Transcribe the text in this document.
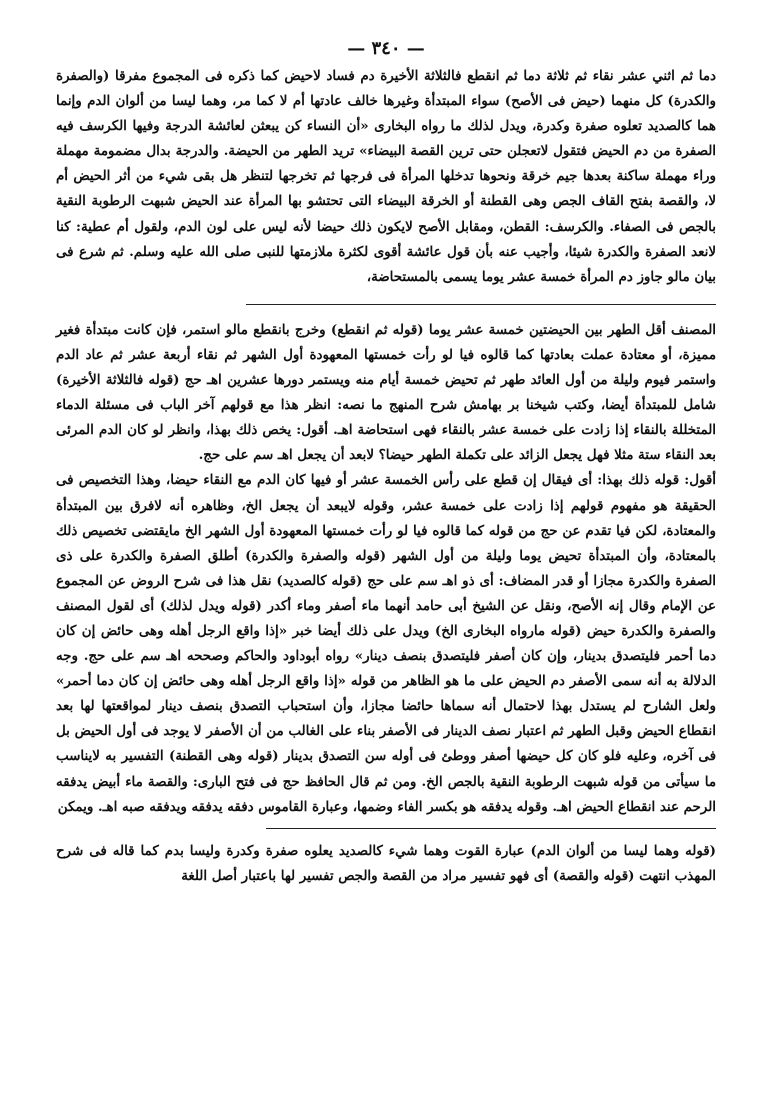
— ٣٤٠ —

دما ثم اثني عشر نقاء ثم ثلاثة دما ثم انقطع فالثلاثة الأخيرة دم فساد لاحيض كما ذكره فى المجموع مفرقا (والصفرة والكدرة) كل منهما (حيض فى الأصح) سواء المبتدأة وغيرها خالف عادتها أم لا كما مر، وهما ليسا من ألوان الدم وإنما هما كالصديد تعلوه صفرة وكدرة، ويدل لذلك ما رواه البخارى «أن النساء كن يبعثن لعائشة الدرجة وفيها الكرسف فيه الصفرة من دم الحيض فتقول لاتعجلن حتى ترين القصة البيضاء» تريد الطهر من الحيضة. والدرجة بدال مضمومة مهملة وراء مهملة ساكنة بعدها جيم خرقة ونحوها تدخلها المرأة فى فرجها ثم تخرجها لتنظر هل بقى شيء من أثر الحيض أم لا، والقصة بفتح القاف الجص وهى القطنة أو الخرقة البيضاء التى تحتشو بها المرأة عند الحيض شبهت الرطوبة النقية بالجص فى الصفاء. والكرسف: القطن، ومقابل الأصح لايكون ذلك حيضا لأنه ليس على لون الدم، ولقول أم عطية: كنا لانعد الصفرة والكدرة شيئا، وأجيب عنه بأن قول عائشة أقوى لكثرة ملازمتها للنبى صلى الله عليه وسلم. ثم شرع فى بيان مالو جاوز دم المرأة خمسة عشر يوما يسمى بالمستحاضة،

المصنف أقل الطهر بين الحيضتين خمسة عشر يوما (قوله ثم انقطع) وخرج بانقطع مالو استمر، فإن كانت مبتدأة فغير مميزة، أو معتادة عملت بعادتها كما قالوه فيا لو رأت خمستها المعهودة أول الشهر ثم نقاء أربعة عشر ثم عاد الدم واستمر فيوم وليلة من أول العائد طهر ثم تحيض خمسة أيام منه ويستمر دورها عشرين اهـ حج (قوله فالثلاثة الأخيرة) شامل للمبتدأة أيضا، وكتب شيخنا بر بهامش شرح المنهج ما نصه: انظر هذا مع قولهم آخر الباب فى مسئلة الدماء المتخللة بالنقاء إذا زادت على خمسة عشر بالنقاء فهى استحاضة اهـ. أقول: يخص ذلك بهذا، وانظر لو كان الدم المرئى بعد النقاء ستة مثلا فهل يجعل الزائد على تكملة الطهر حيضا؟ لابعد أن يجعل اهـ سم على حج.

أقول: قوله ذلك بهذا: أى فيقال إن قطع على رأس الخمسة عشر أو فيها كان الدم مع النقاء حيضا، وهذا التخصيص فى الحقيقة هو مفهوم قولهم إذا زادت على خمسة عشر، وقوله لايبعد أن يجعل الخ، وظاهره أنه لافرق بين المبتدأة والمعتادة، لكن فيا تقدم عن حج من قوله كما قالوه فيا لو رأت خمستها المعهودة أول الشهر الخ مايقتضى تخصيص ذلك بالمعتادة، وأن المبتدأة تحيض يوما وليلة من أول الشهر (قوله والصفرة والكدرة) أطلق الصفرة والكدرة على ذى الصفرة والكدرة مجازا أو قدر المضاف: أى ذو اهـ سم على حج (قوله كالصديد) نقل هذا فى شرح الروض عن المجموع عن الإمام وقال إنه الأصح، ونقل عن الشيخ أبى حامد أنهما ماء أصفر وماء أكدر (قوله ويدل لذلك) أى لقول المصنف والصفرة والكدرة حيض (قوله مارواه البخارى الخ) ويدل على ذلك أيضا خبر «إذا واقع الرجل أهله وهى حائض إن كان دما أحمر فليتصدق بدينار، وإن كان أصفر فليتصدق بنصف دينار» رواه أبوداود والحاكم وصححه اهـ سم على حج. وجه الدلالة به أنه سمى الأصفر دم الحيض على ما هو الظاهر من قوله «إذا واقع الرجل أهله وهى حائض إن كان دما أحمر» ولعل الشارح لم يستدل بهذا لاحتمال أنه سماها حائضا مجازا، وأن استحباب التصدق بنصف دينار لمواقعتها لها بعد انقطاع الحيض وقبل الطهر ثم اعتبار نصف الدينار فى الأصفر بناء على الغالب من أن الأصفر لا يوجد فى أول الحيض بل فى آخره، وعليه فلو كان كل حيضها أصفر ووطئ فى أوله سن التصدق بدينار (قوله وهى القطنة) التفسير به لايناسب ما سيأتى من قوله شبهت الرطوبة النقية بالجص الخ. ومن ثم قال الحافظ حج فى فتح البارى: والقصة ماء أبيض يدفقه الرحم عند انقطاع الحيض اهـ. وقوله يدفقه هو بكسر الفاء وضمها، وعبارة القاموس دفقه يدفقه ويدفقه صبه اهـ. ويمكن

(قوله وهما ليسا من ألوان الدم) عبارة القوت وهما شيء كالصديد يعلوه صفرة وكدرة وليسا بدم كما قاله فى شرح المهذب انتهت (قوله والقصة) أى فهو تفسير مراد من القصة والجص تفسير لها باعتبار أصل اللغة
